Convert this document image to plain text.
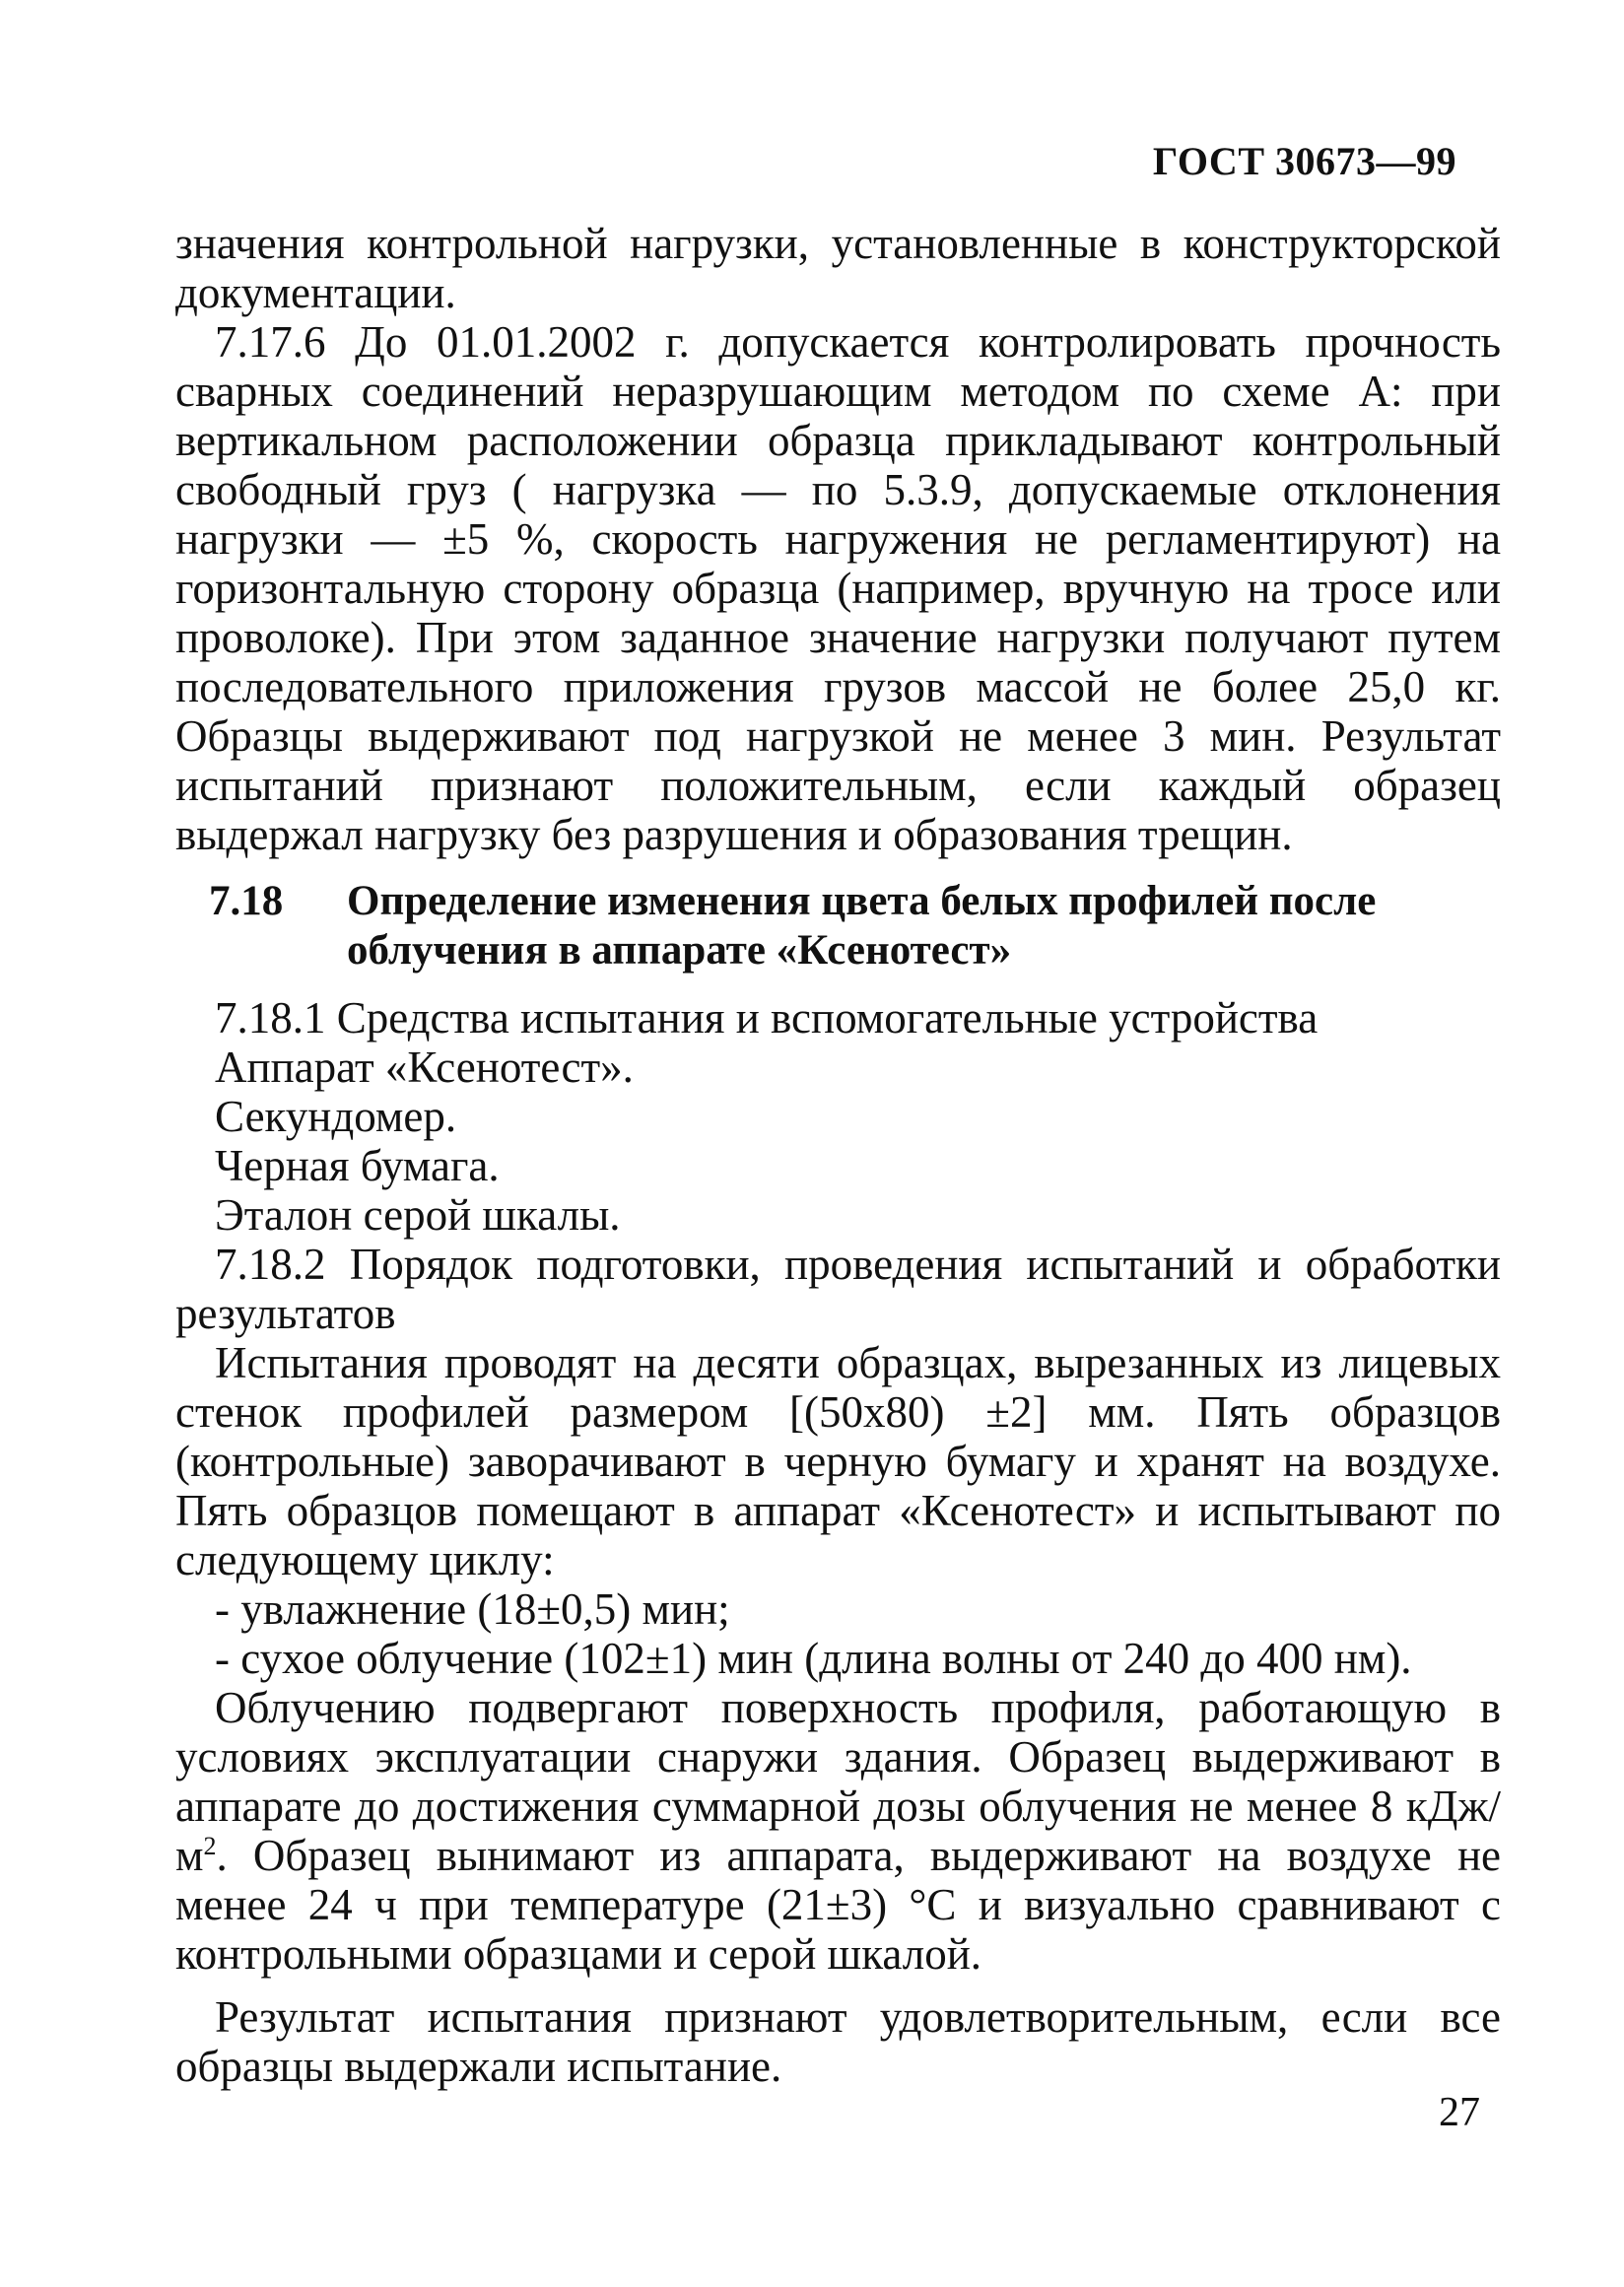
ГОСТ 30673—99

значения контрольной нагрузки, установленные в конструкторской документации.

7.17.6 До 01.01.2002 г. допускается контролировать прочность сварных соединений неразрушающим методом по схеме А: при вертикальном расположении образца прикладывают контрольный свободный груз ( нагрузка — по 5.3.9, допускаемые отклонения нагрузки — ±5 %, скорость нагружения не регламентируют) на горизонтальную сторону образца (например, вручную на тросе или проволоке). При этом заданное значение нагрузки получают путем последовательного приложения грузов массой не более 25,0 кг. Образцы выдерживают под нагрузкой не менее 3 мин. Результат испытаний признают положительным, если каждый образец выдержал нагрузку без разрушения и образования трещин.

7.18	Определение изменения цвета белых профилей после облучения в аппарате «Ксенотест»

7.18.1 Средства испытания и вспомогательные устройства

Аппарат «Ксенотест».

Секундомер.

Черная бумага.

Эталон серой шкалы.

7.18.2 Порядок подготовки, проведения испытаний и обработки результатов

Испытания проводят на десяти образцах, вырезанных из лицевых стенок профилей размером [(50x80) ±2] мм. Пять образцов (контрольные) заворачивают в черную бумагу и хранят на воздухе. Пять образцов помещают в аппарат «Ксенотест» и испытывают по следующему циклу:

- увлажнение (18±0,5) мин;

- сухое облучение (102±1) мин (длина волны от 240 до 400 нм).

Облучению подвергают поверхность профиля, работающую в условиях эксплуатации снаружи здания. Образец выдерживают в аппарате до достижения суммарной дозы облучения не менее 8 кДж/$м^2$. Образец вынимают из аппарата, выдерживают на воздухе не менее 24 ч при температуре (21±3) °С и визуально сравнивают с контрольными образцами и серой шкалой.

Результат испытания признают удовлетворительным, если все образцы выдержали испытание.

27
